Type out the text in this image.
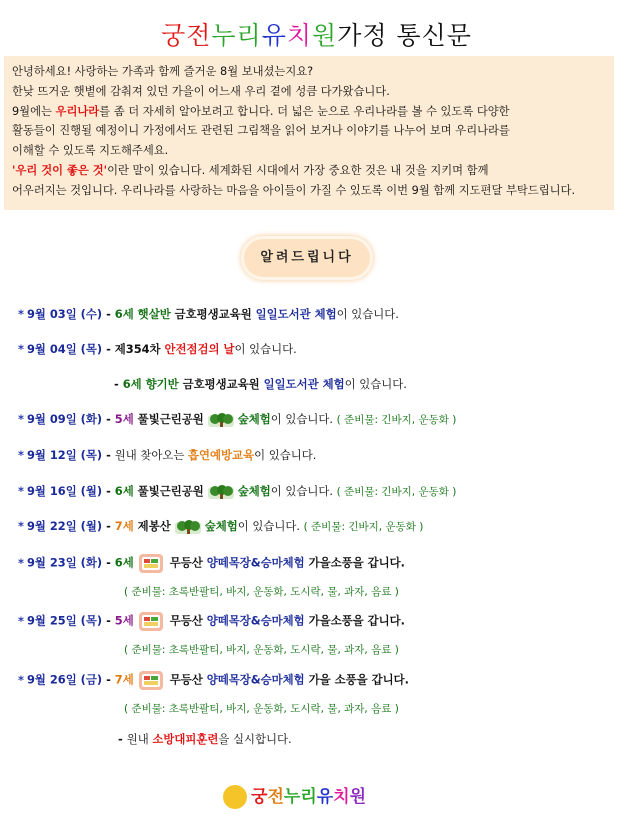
궁전누리유치원가정 통신문

안녕하세요! 사랑하는 가족과 함께 즐거운 8월 보내셨는지요?

한낮 뜨거운 햇볕에 감춰져 있던 가을이 어느새 우리 곁에 성큼 다가왔습니다.

9월에는 우리나라를 좀 더 자세히 알아보려고 합니다. 더 넓은 눈으로 우리나라를 볼 수 있도록 다양한

활동들이 진행될 예정이니 가정에서도 관련된 그림책을 읽어 보거나 이야기를 나누어 보며 우리나라를

이해할 수 있도록 지도해주세요.

'우리 것이 좋은 것'이란 말이 있습니다. 세계화된 시대에서 가장 중요한 것은 내 것을 지키며 함께

어우러지는 것입니다. 우리나라를 사랑하는 마음을 아이들이 가질 수 있도록 이번 9월 함께 지도편달 부탁드립니다.

알려드립니다
* 9월 03일 (수) - 6세 햇살반 금호평생교육원 일일도서관 체험이 있습니다.
* 9월 04일 (목) - 제354차 안전점검의 날이 있습니다.
- 6세 향기반 금호평생교육원 일일도서관 체험이 있습니다.
* 9월 09일 (화) - 5세 풀빛근린공원	숲체험이 있습니다. ( 준비물: 긴바지, 운동화 )
* 9월 12일 (목) - 원내 찾아오는 흡연예방교육이 있습니다.
* 9월 16일 (월) - 6세 풀빛근린공원	숲체험이 있습니다. ( 준비물: 긴바지, 운동화 )
* 9월 22일 (월) - 7세 제봉산	숲체험이 있습니다. ( 준비물: 긴바지, 운동화 )
* 9월 23일 (화) - 6세	무등산 양떼목장&승마체험 가을소풍을 갑니다.
( 준비물: 초록반팔티, 바지, 운동화, 도시락, 물, 과자, 음료 )
* 9월 25일 (목) - 5세	무등산 양떼목장&승마체험 가을소풍을 갑니다.
( 준비물: 초록반팔티, 바지, 운동화, 도시락, 물, 과자, 음료 )
* 9월 26일 (금) - 7세	무등산 양떼목장&승마체험 가을 소풍을 갑니다.
( 준비물: 초록반팔티, 바지, 운동화, 도시락, 물, 과자, 음료 )
- 원내 소방대피훈련을 실시합니다.
궁전누리유치원
